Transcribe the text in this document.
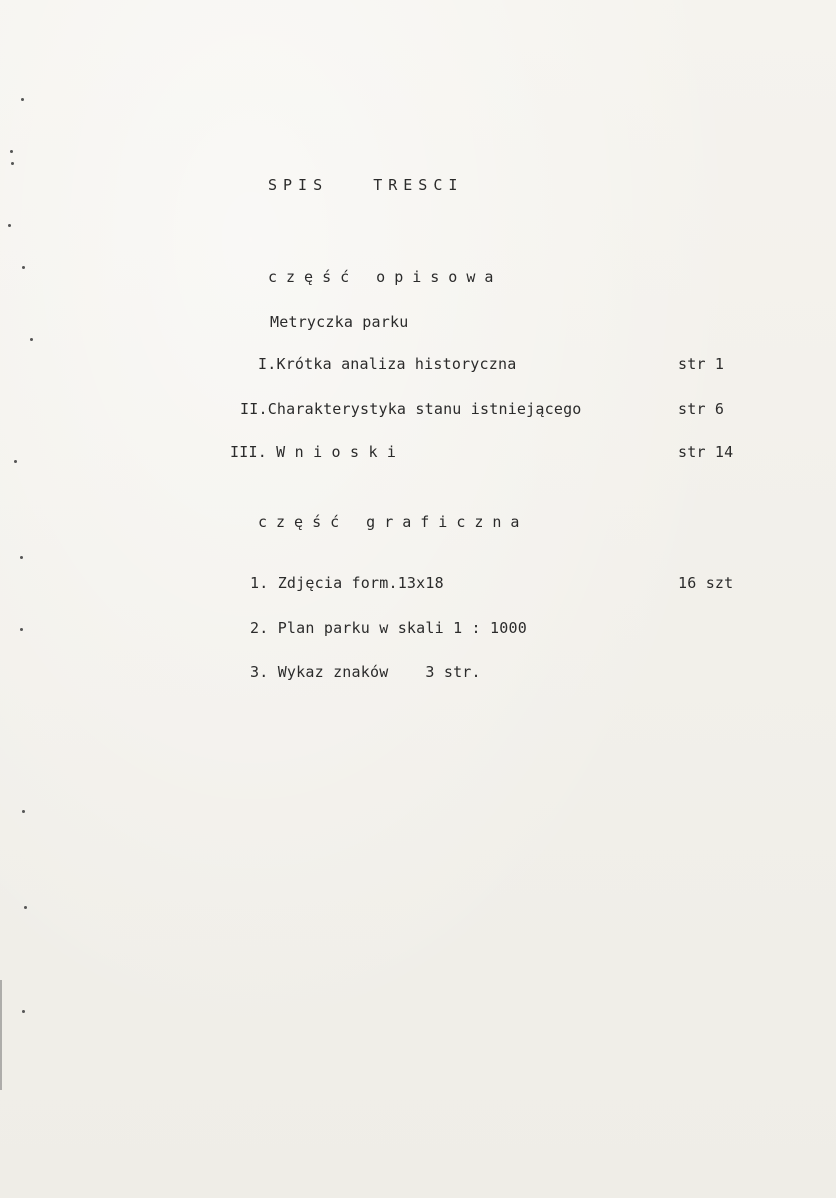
SPIS   TRESCI
część opisowa
Metryczka parku
I.Krótka analiza historyczna	str 1
II.Charakterystyka stanu istniejącego	str 6
III. W n i o s k i	str 14
część graficzna
1. Zdjęcia form.13x18	16 szt
2. Plan parku w skali 1 : 1000
3. Wykaz znaków    3 str.
